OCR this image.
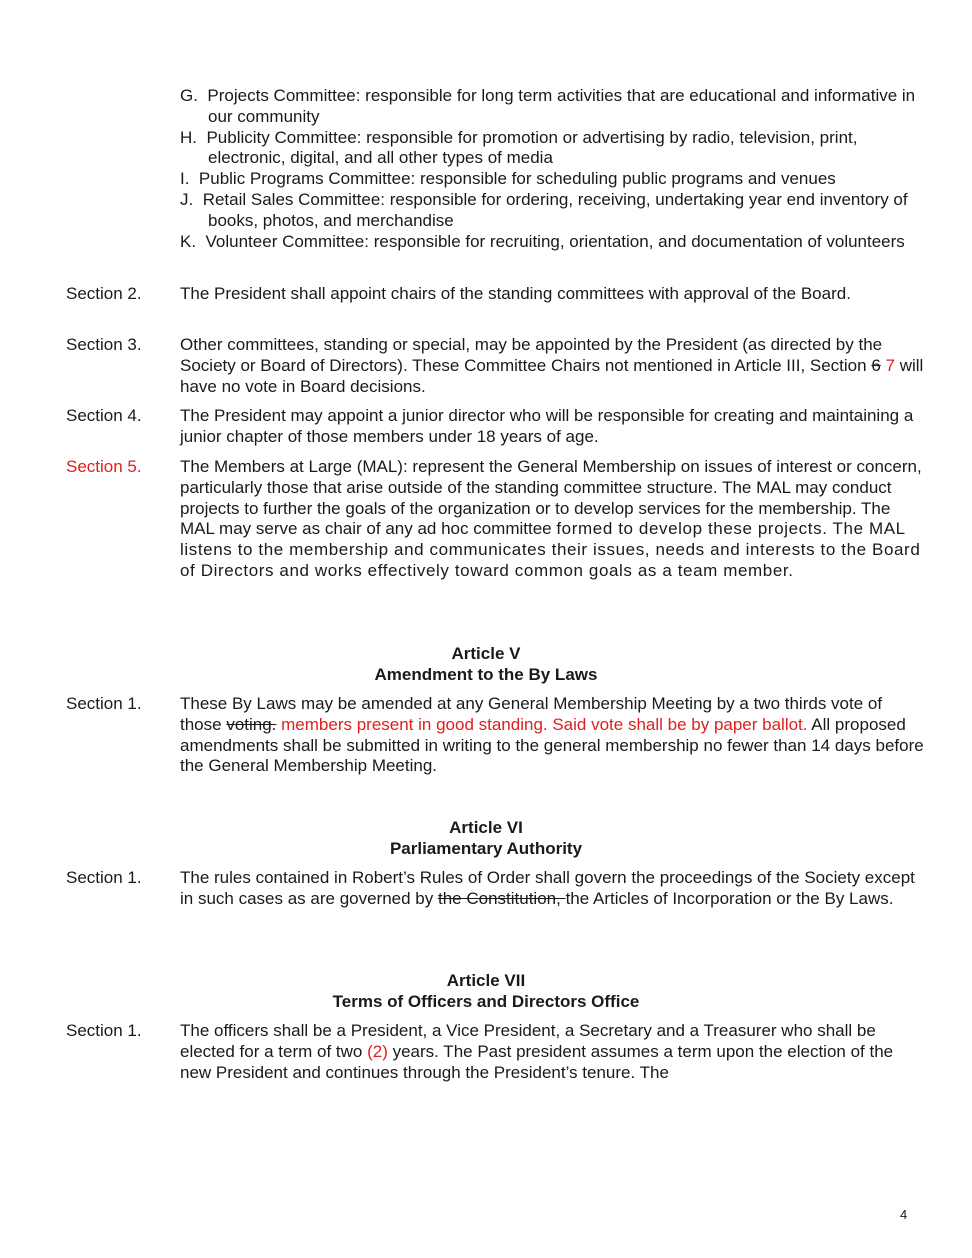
G. Projects Committee: responsible for long term activities that are educational and informative in our community
H. Publicity Committee: responsible for promotion or advertising by radio, television, print, electronic, digital, and all other types of media
I. Public Programs Committee: responsible for scheduling public programs and venues
J. Retail Sales Committee: responsible for ordering, receiving, undertaking year end inventory of books, photos, and merchandise
K. Volunteer Committee: responsible for recruiting, orientation, and documentation of volunteers
Section 2.	The President shall appoint chairs of the standing committees with approval of the Board.
Section 3.	Other committees, standing or special, may be appointed by the President (as directed by the Society or Board of Directors). These Committee Chairs not mentioned in Article III, Section 6 7 will have no vote in Board decisions.
Section 4.	The President may appoint a junior director who will be responsible for creating and maintaining a junior chapter of those members under 18 years of age.
Section 5.	The Members at Large (MAL): represent the General Membership on issues of interest or concern, particularly those that arise outside of the standing committee structure. The MAL may conduct projects to further the goals of the organization or to develop services for the membership. The MAL may serve as chair of any ad hoc committee formed to develop these projects. The MAL listens to the membership and communicates their issues, needs and interests to the Board of Directors and works effectively toward common goals as a team member.
Article V
Amendment to the By Laws
Section 1.	These By Laws may be amended at any General Membership Meeting by a two thirds vote of those voting. members present in good standing. Said vote shall be by paper ballot. All proposed amendments shall be submitted in writing to the general membership no fewer than 14 days before the General Membership Meeting.
Article VI
Parliamentary Authority
Section 1.	The rules contained in Robert’s Rules of Order shall govern the proceedings of the Society except in such cases as are governed by the Constitution, the Articles of Incorporation or the By Laws.
Article VII
Terms of Officers and Directors Office
Section 1.	The officers shall be a President, a Vice President, a Secretary and a Treasurer who shall be elected for a term of two (2) years. The Past president assumes a term upon the election of the new President and continues through the President’s tenure. The
4
